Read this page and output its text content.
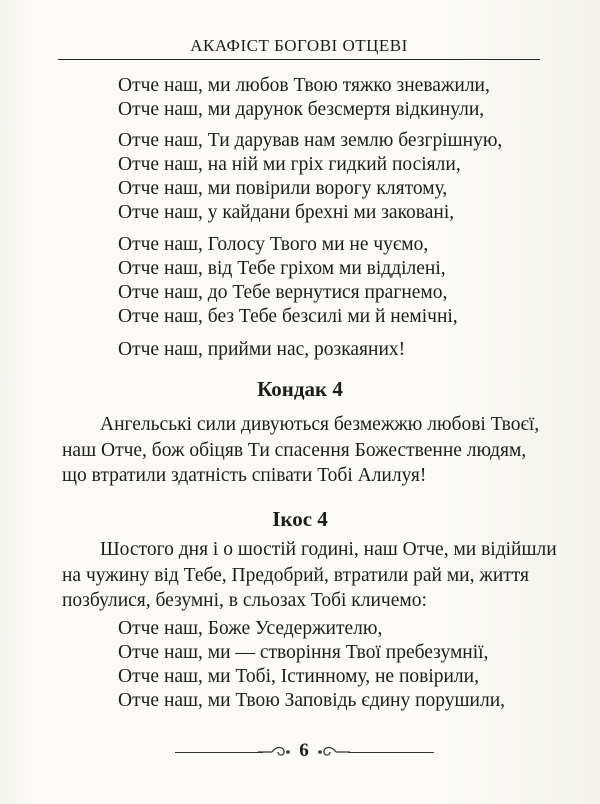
АКАФІСТ БОГОВІ ОТЦЕВІ
Отче наш, ми любов Твою тяжко зневажили,
Отче наш, ми дарунок безсмертя відкинули,
Отче наш, Ти дарував нам землю безгрішную,
Отче наш, на ній ми гріх гидкий посіяли,
Отче наш, ми повірили ворогу клятому,
Отче наш, у кайдани брехні ми заковані,
Отче наш, Голосу Твого ми не чуємо,
Отче наш, від Тебе гріхом ми відділені,
Отче наш, до Тебе вернутися прагнемо,
Отче наш, без Тебе безсилі ми й немічні,
Отче наш, прийми нас, розкаяних!
Кондак 4
Ангельські сили дивуються безмежжю любові Твоєї,
наш Отче, бож обіцяв Ти спасення Божественне людям,
що втратили здатність співати Тобі Алилуя!
Ікос 4
Шостого дня і о шостій годині, наш Отче, ми відійшли
на чужину від Тебе, Предобрий, втратили рай ми, життя
позбулися, безумні, в сльозах Тобі кличемо:
Отче наш, Боже Уседержителю,
Отче наш, ми — створіння Твої пребезумнії,
Отче наш, ми Тобі, Істинному, не повірили,
Отче наш, ми Твою Заповідь єдину порушили,
6
